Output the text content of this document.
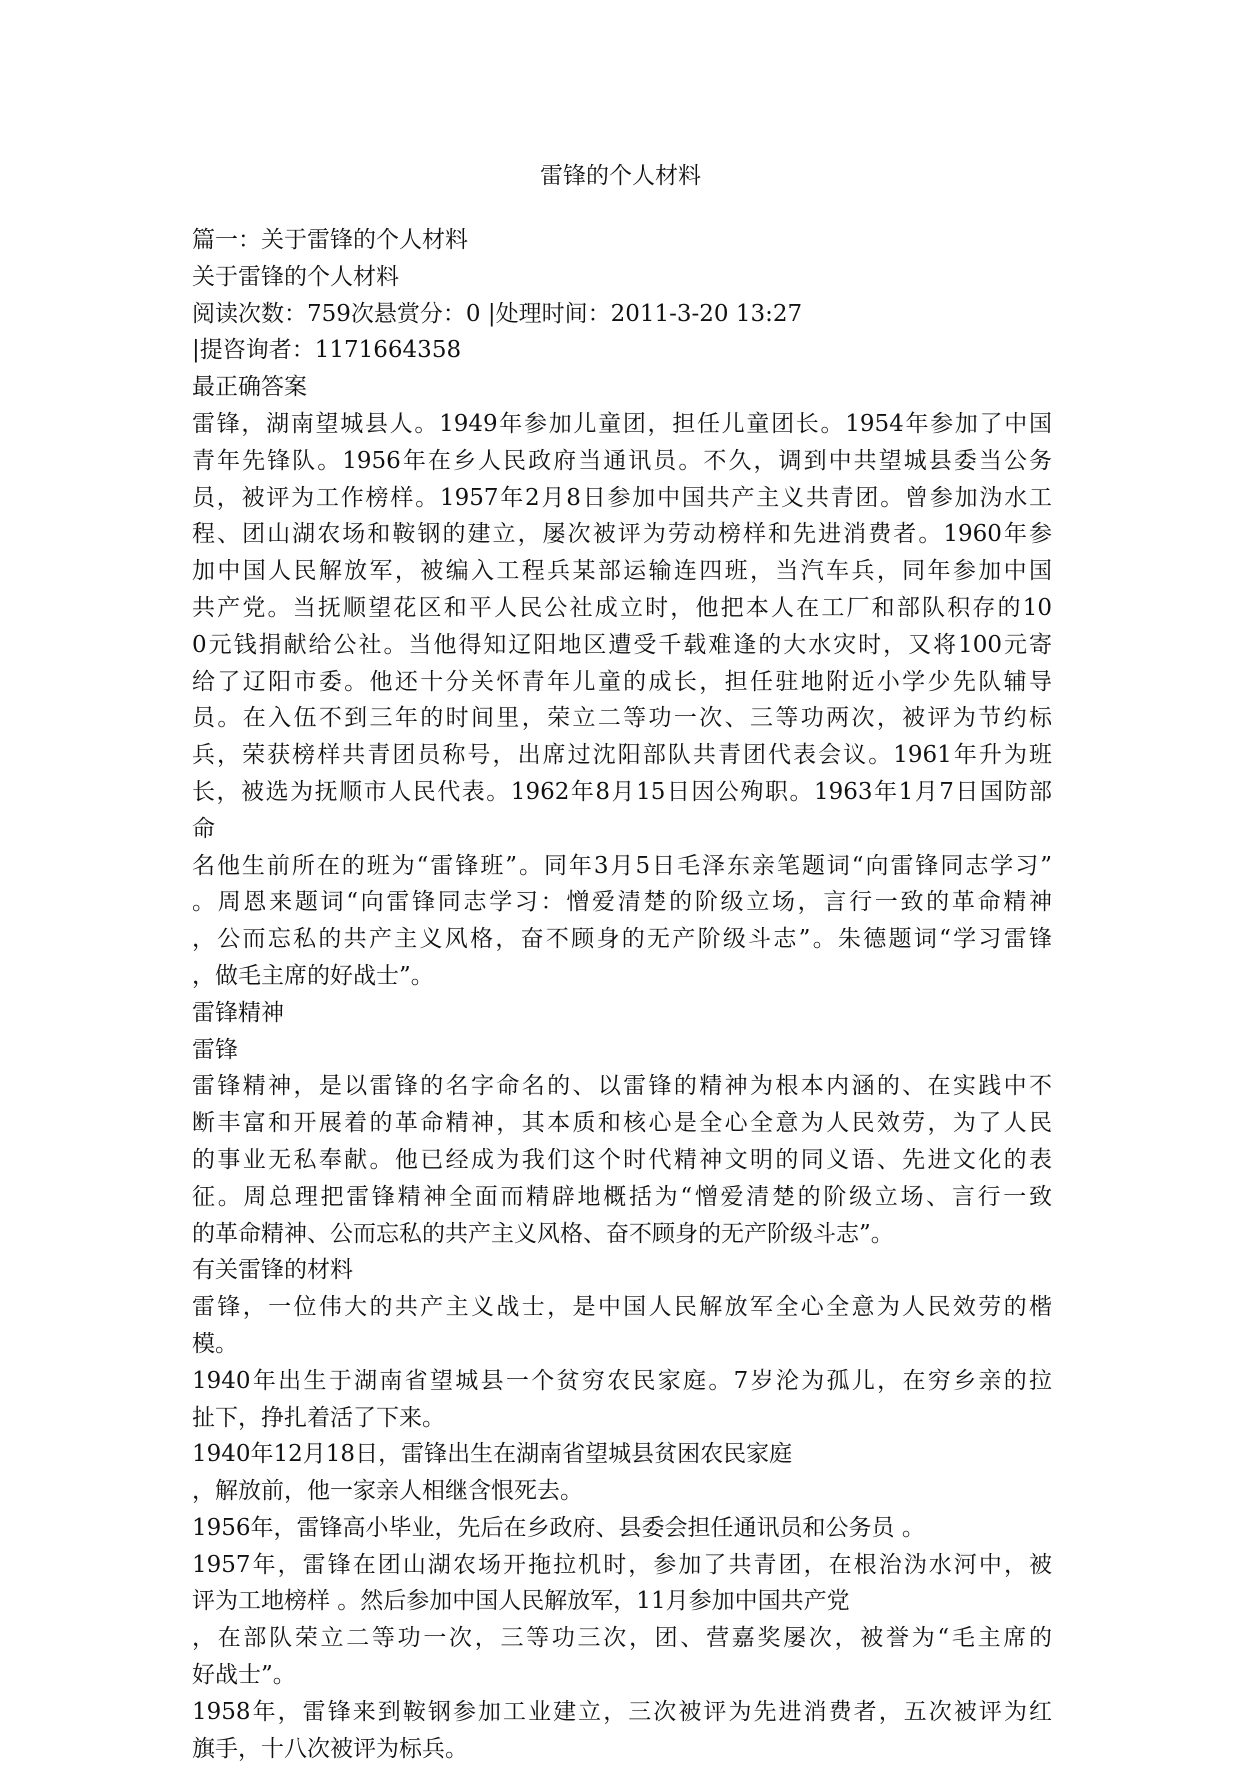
雷锋的个人材料
篇一：关于雷锋的个人材料
关于雷锋的个人材料
阅读次数：759次悬赏分：0 |处理时间：2011-3-20 13:27
|提咨询者：1171664358
最正确答案
雷锋，湖南望城县人。1949年参加儿童团，担任儿童团长。1954年参加了中国
青年先锋队。1956年在乡人民政府当通讯员。不久，调到中共望城县委当公务
员，被评为工作榜样。1957年2月8日参加中国共产主义共青团。曾参加沩水工
程、团山湖农场和鞍钢的建立，屡次被评为劳动榜样和先进消费者。1960年参
加中国人民解放军，被编入工程兵某部运输连四班，当汽车兵，同年参加中国
共产党。当抚顺望花区和平人民公社成立时，他把本人在工厂和部队积存的10
0元钱捐献给公社。当他得知辽阳地区遭受千载难逢的大水灾时，又将100元寄
给了辽阳市委。他还十分关怀青年儿童的成长，担任驻地附近小学少先队辅导
员。在入伍不到三年的时间里，荣立二等功一次、三等功两次，被评为节约标
兵，荣获榜样共青团员称号，出席过沈阳部队共青团代表会议。1961年升为班
长，被选为抚顺市人民代表。1962年8月15日因公殉职。1963年1月7日国防部
命
名他生前所在的班为“雷锋班”。同年3月5日毛泽东亲笔题词“向雷锋同志学习”
。周恩来题词“向雷锋同志学习：憎爱清楚的阶级立场，言行一致的革命精神
，公而忘私的共产主义风格，奋不顾身的无产阶级斗志”。朱德题词“学习雷锋
，做毛主席的好战士”。
雷锋精神
雷锋
雷锋精神，是以雷锋的名字命名的、以雷锋的精神为根本内涵的、在实践中不
断丰富和开展着的革命精神，其本质和核心是全心全意为人民效劳，为了人民
的事业无私奉献。他已经成为我们这个时代精神文明的同义语、先进文化的表
征。周总理把雷锋精神全面而精辟地概括为“憎爱清楚的阶级立场、言行一致
的革命精神、公而忘私的共产主义风格、奋不顾身的无产阶级斗志”。
有关雷锋的材料
雷锋，一位伟大的共产主义战士，是中国人民解放军全心全意为人民效劳的楷
模。
1940年出生于湖南省望城县一个贫穷农民家庭。7岁沦为孤儿，在穷乡亲的拉
扯下，挣扎着活了下来。
1940年12月18日，雷锋出生在湖南省望城县贫困农民家庭
，解放前，他一家亲人相继含恨死去。
1956年，雷锋高小毕业，先后在乡政府、县委会担任通讯员和公务员 。
1957年，雷锋在团山湖农场开拖拉机时，参加了共青团，在根治沩水河中，被
评为工地榜样 。然后参加中国人民解放军，11月参加中国共产党
，在部队荣立二等功一次，三等功三次，团、营嘉奖屡次，被誉为“毛主席的
好战士”。
1958年，雷锋来到鞍钢参加工业建立，三次被评为先进消费者，五次被评为红
旗手，十八次被评为标兵。
